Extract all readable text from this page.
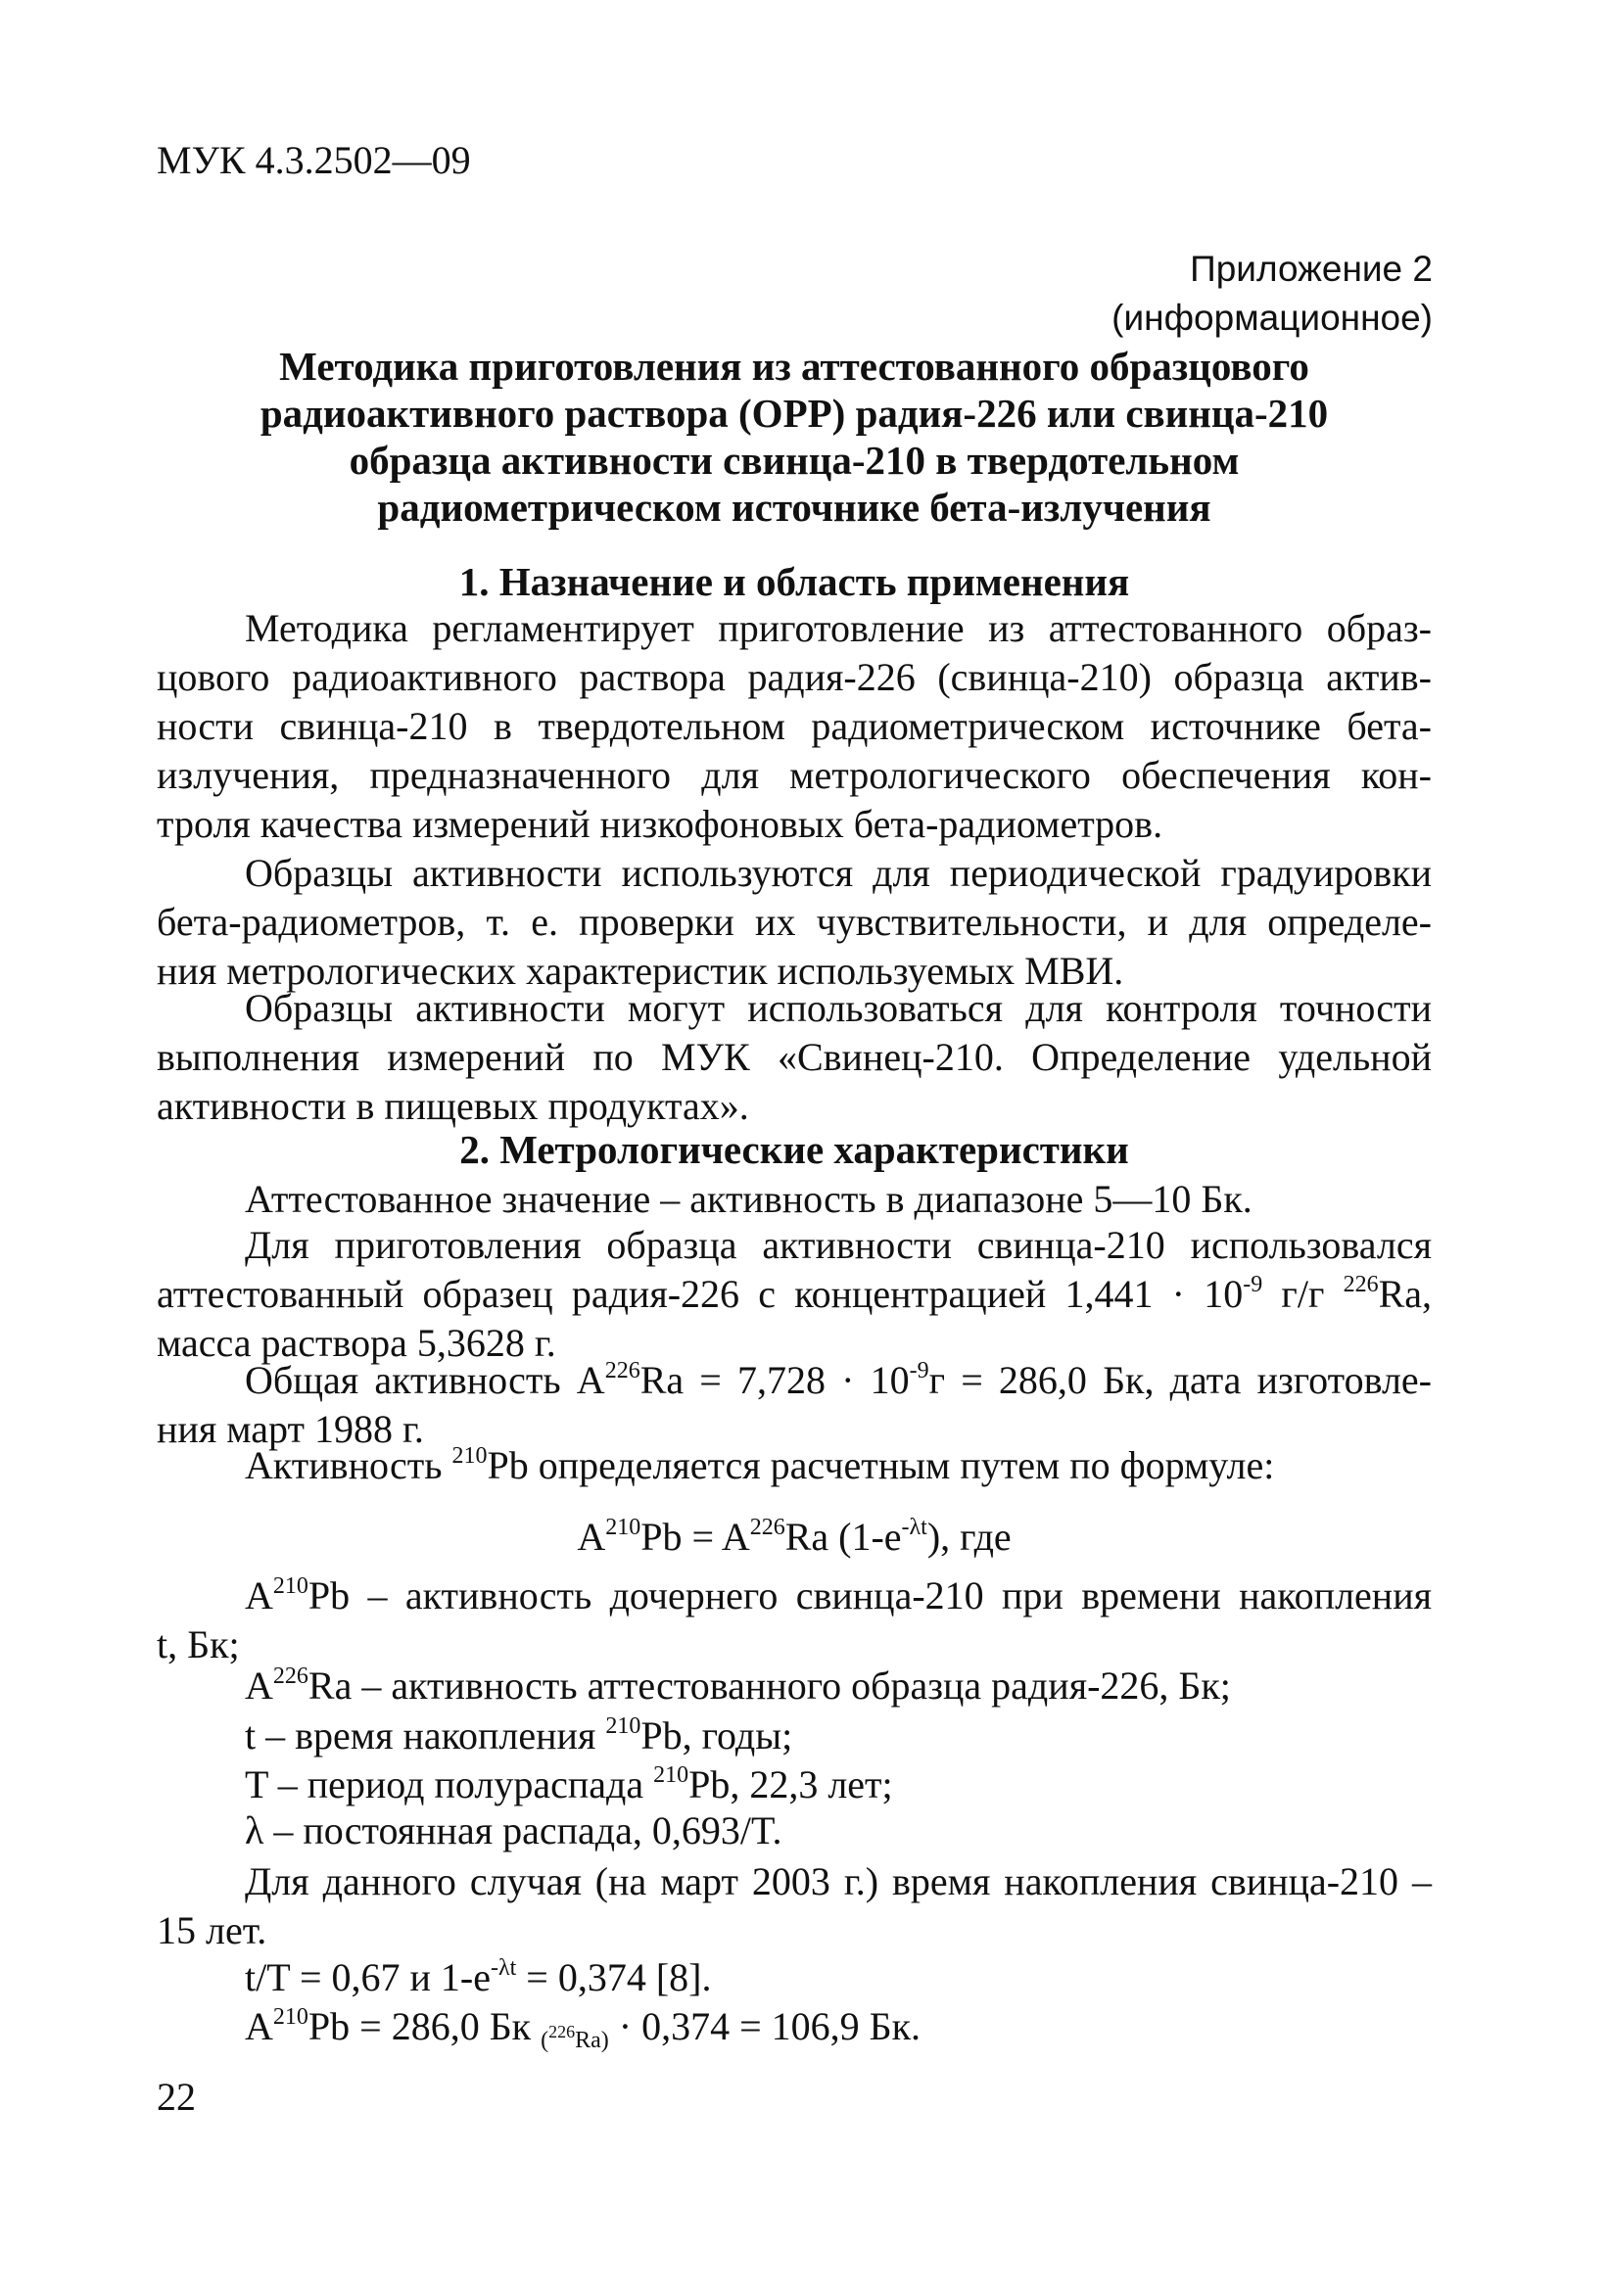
МУК 4.3.2502—09
Приложение 2
(информационное)
Методика приготовления из аттестованного образцового
радиоактивного раствора (ОРР) радия-226 или свинца-210
образца активности свинца-210 в твердотельном
радиометрическом источнике бета-излучения
1. Назначение и область применения
Методика регламентирует приготовление из аттестованного образ-
цового радиоактивного раствора радия-226 (свинца-210) образца актив-
ности свинца-210 в твердотельном радиометрическом источнике бета-
излучения, предназначенного для метрологического обеспечения кон-
троля качества измерений низкофоновых бета-радиометров.
Образцы активности используются для периодической градуировки
бета-радиометров, т. е. проверки их чувствительности, и для определе-
ния метрологических характеристик используемых МВИ.
Образцы активности могут использоваться для контроля точности
выполнения измерений по МУК «Свинец-210. Определение удельной
активности в пищевых продуктах».
2. Метрологические характеристики
Аттестованное значение – активность в диапазоне 5—10 Бк.
Для приготовления образца активности свинца-210 использовался
аттестованный образец радия-226 с концентрацией $1,441 \cdot 10^{-9}$ г/г $^{226}$Ra,
масса раствора 5,3628 г.
Общая активность $A^{226}Ra = 7,728 \cdot 10^{-9}г = 286,0$ Бк, дата изготовле-
ния март 1988 г.
Активность $^{210}$Pb определяется расчетным путем по формуле:
$A^{210}Pb = A^{226}Ra$ $(1-e^{-\lambda t})$, где
$A^{210}Pb$ – активность дочернего свинца-210 при времени накопления
t, Бк;
$A^{226}Ra$ – активность аттестованного образца радия-226, Бк;
t – время накопления $^{210}$Pb, годы;
T – период полураспада $^{210}$Pb, 22,3 лет;
λ – постоянная распада, 0,693/T.
Для данного случая (на март 2003 г.) время накопления свинца-210 –
15 лет.
t/T = 0,67 и $1-e^{-\lambda t} = 0,374$ [8].
$A^{210}Pb = 286,0$ Бк $_{(^{226}Ra)}$ · 0,374 = 106,9 Бк.
22
